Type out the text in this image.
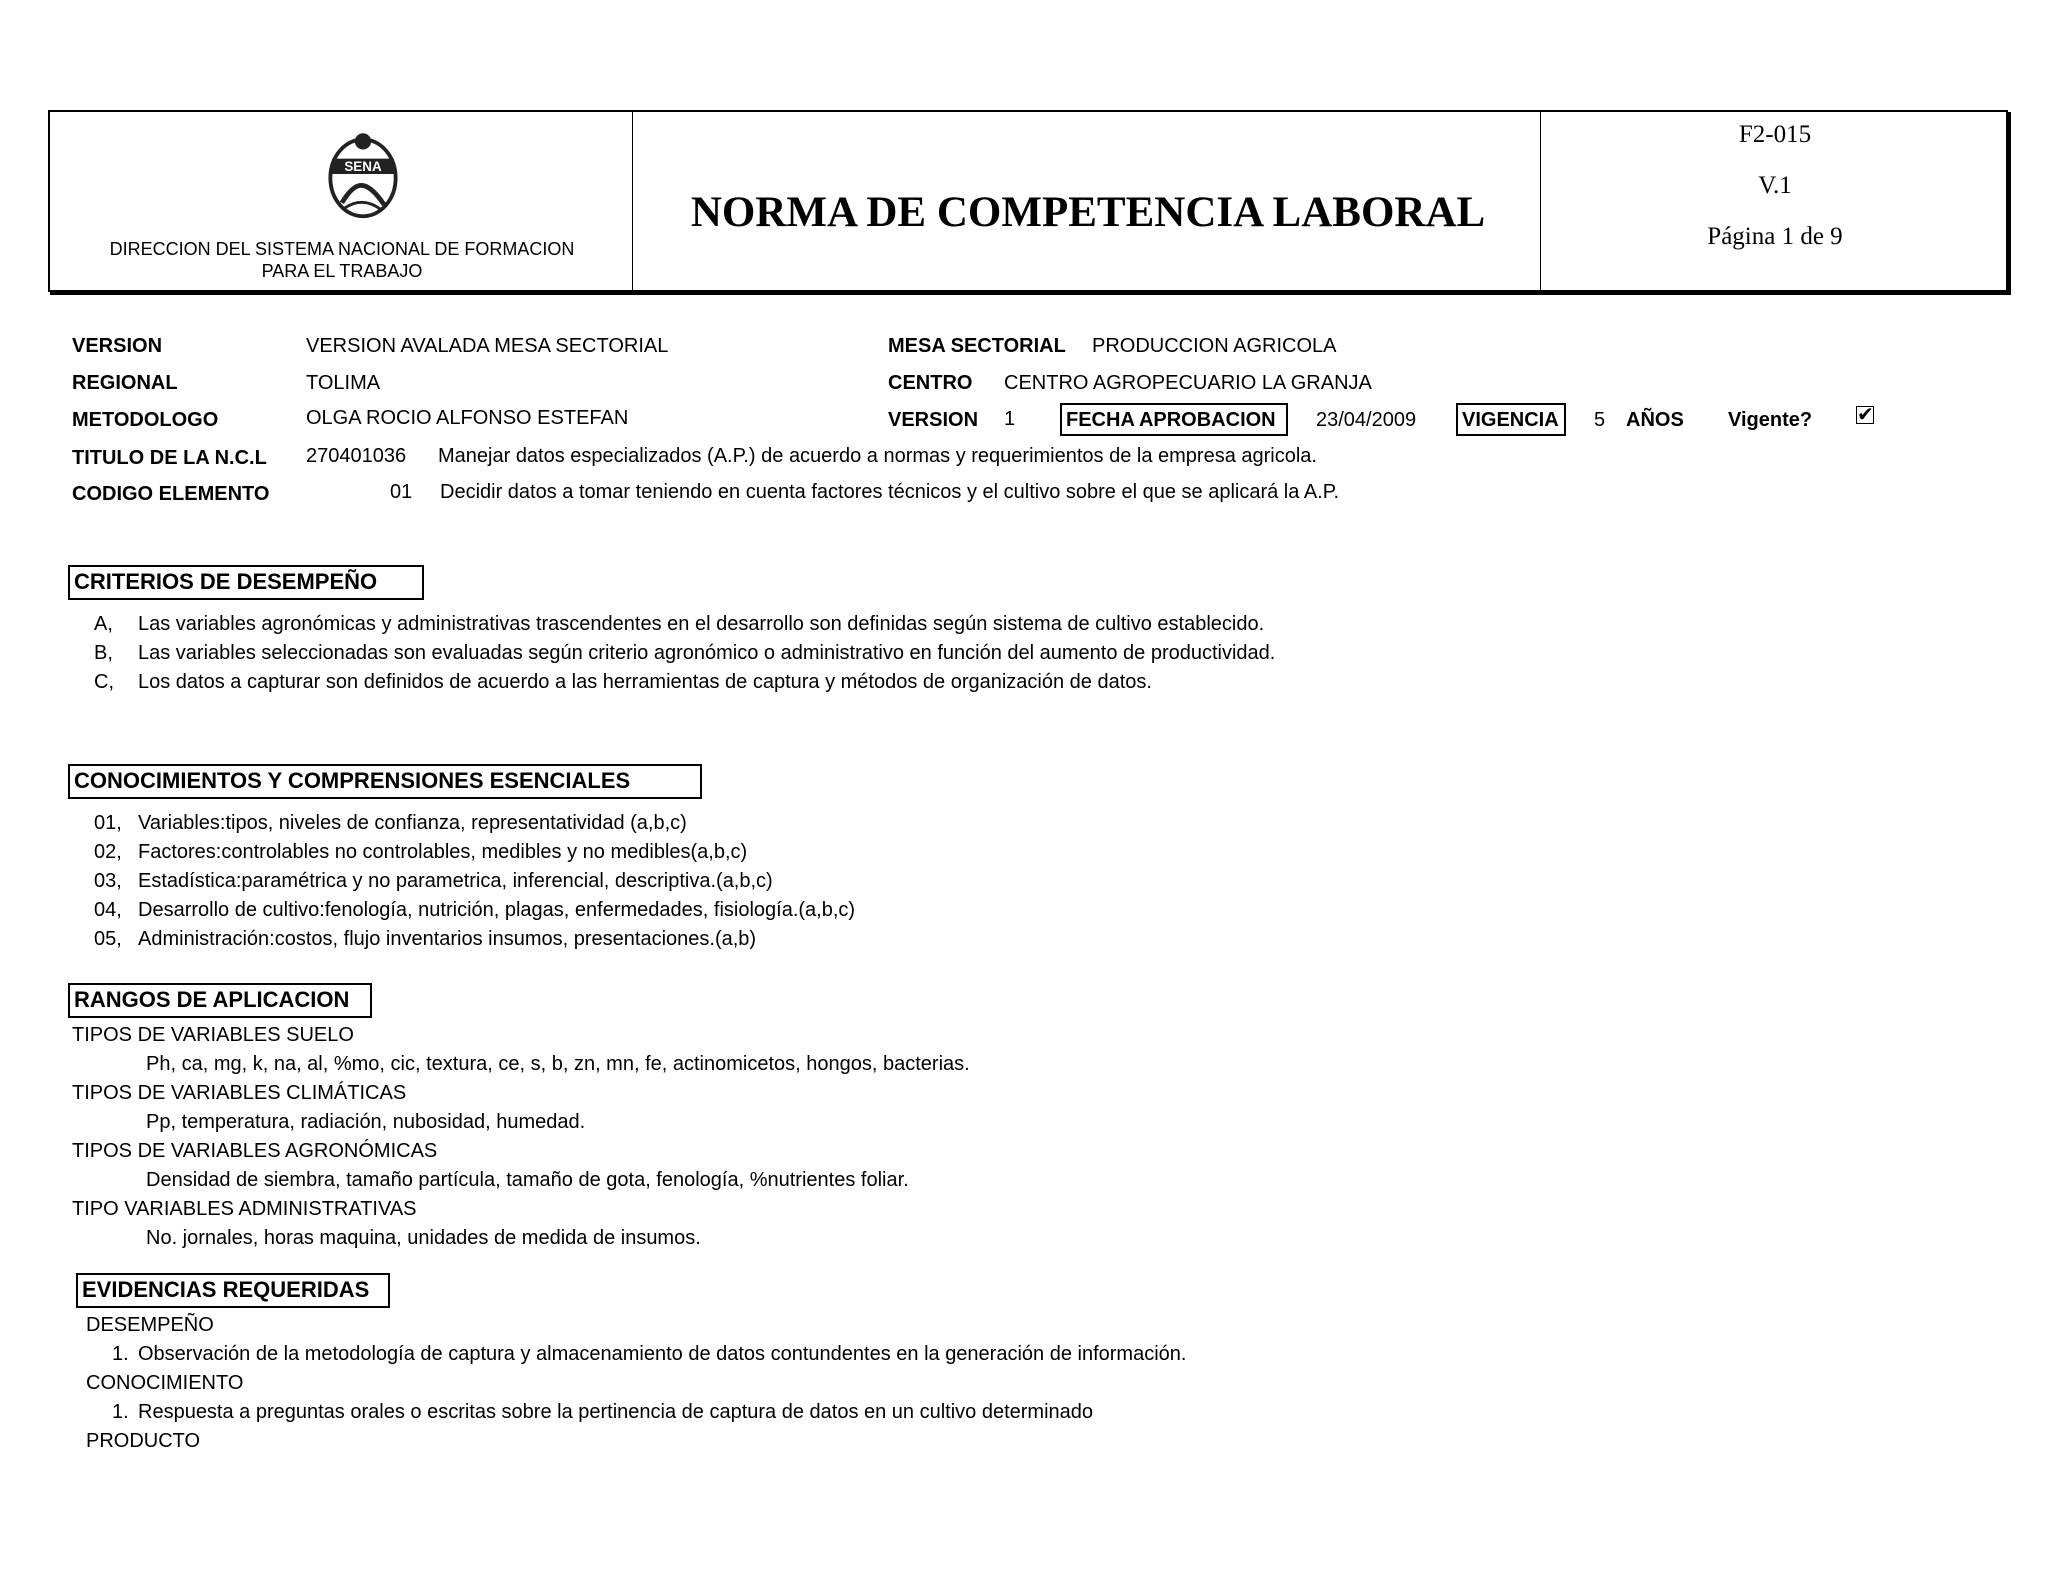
SENA
DIRECCION DEL SISTEMA NACIONAL DE FORMACION
PARA EL TRABAJO
NORMA DE COMPETENCIA LABORAL
F2-015
V.1
Página 1 de 9
VERSION	VERSION AVALADA MESA SECTORIAL	MESA SECTORIAL PRODUCCION AGRICOLA
REGIONAL	TOLIMA	CENTRO CENTRO AGROPECUARIO LA GRANJA
METODOLOGO	OLGA ROCIO ALFONSO ESTEFAN	VERSION 1	FECHA APROBACION	23/04/2009	VIGENCIA	5 AÑOS Vigente? ✔
TITULO DE LA N.C.L 270401036 Manejar datos especializados (A.P.) de acuerdo a normas y requerimientos de la empresa agricola.
CODIGO ELEMENTO	01 Decidir datos a tomar teniendo en cuenta factores técnicos y el cultivo sobre el que se aplicará la A.P.
CRITERIOS DE DESEMPEÑO
A, Las variables agronómicas y administrativas trascendentes en el desarrollo son definidas según sistema de cultivo establecido.
B, Las variables seleccionadas son evaluadas según criterio agronómico o administrativo en función del aumento de productividad.
C, Los datos a capturar son definidos de acuerdo a las herramientas de captura y métodos de organización de datos.
CONOCIMIENTOS Y COMPRENSIONES ESENCIALES
01, Variables:tipos, niveles de confianza, representatividad (a,b,c)
02, Factores:controlables no controlables, medibles y no medibles(a,b,c)
03, Estadística:paramétrica y no parametrica, inferencial, descriptiva.(a,b,c)
04, Desarrollo de cultivo:fenología, nutrición, plagas, enfermedades, fisiología.(a,b,c)
05, Administración:costos, flujo inventarios insumos, presentaciones.(a,b)
RANGOS DE APLICACION
TIPOS DE VARIABLES SUELO
Ph, ca, mg, k, na, al, %mo, cic, textura, ce, s, b, zn, mn, fe, actinomicetos, hongos, bacterias.
TIPOS DE VARIABLES CLIMÁTICAS
Pp, temperatura, radiación, nubosidad, humedad.
TIPOS DE VARIABLES AGRONÓMICAS
Densidad de siembra, tamaño partícula, tamaño de gota, fenología, %nutrientes foliar.
TIPO VARIABLES ADMINISTRATIVAS
No. jornales, horas maquina, unidades de medida de insumos.
EVIDENCIAS REQUERIDAS
DESEMPEÑO
1. Observación de la metodología de captura y almacenamiento de datos contundentes en la generación de información.
CONOCIMIENTO
1. Respuesta a preguntas orales o escritas sobre la pertinencia de captura de datos en un cultivo determinado
PRODUCTO
